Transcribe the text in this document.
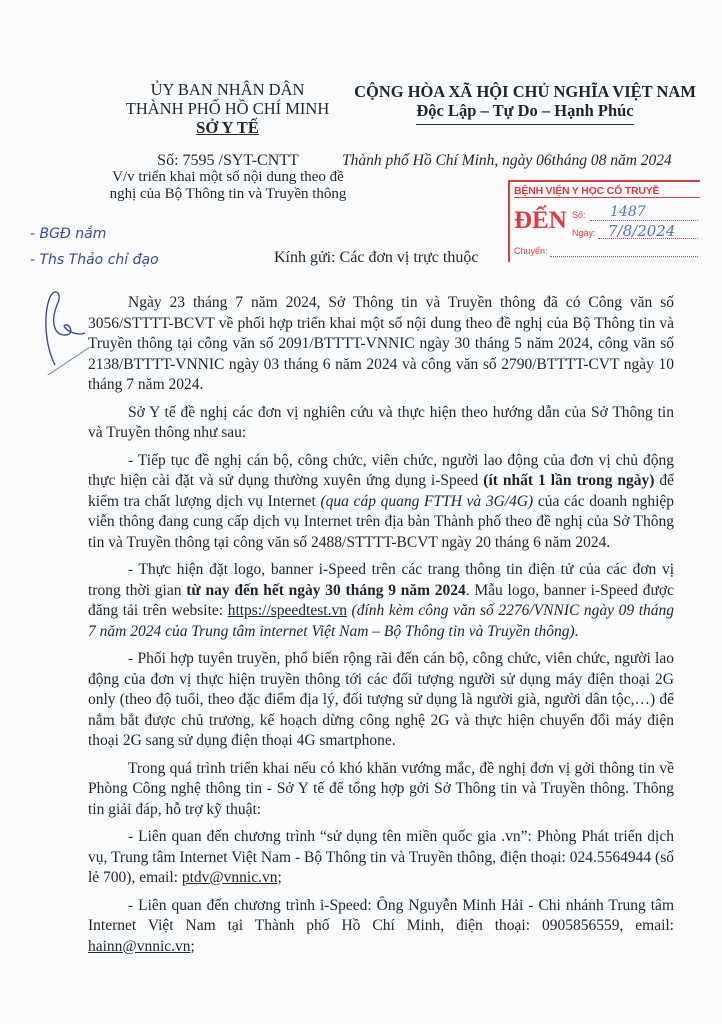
ỦY BAN NHÂN DÂN
THÀNH PHỐ HỒ CHÍ MINH
SỞ Y TẾ
CỘNG HÒA XÃ HỘI CHỦ NGHĨA VIỆT NAM
Độc Lập – Tự Do – Hạnh Phúc
Số: 7595 /SYT-CNTT
V/v triển khai một số nội dung theo đề
nghị của Bộ Thông tin và Truyền thông
Thành phố Hồ Chí Minh, ngày 06tháng 08 năm 2024
BỆNH VIỆN Y HỌC CỔ TRUYỀ
ĐẾN Số: 1487
Ngày: 7/8/2024
Chuyển:
- BGĐ nắm
- Ths Thảo chỉ đạo	Kính gửi: Các đơn vị trực thuộc

Ngày 23 tháng 7 năm 2024, Sở Thông tin và Truyền thông đã có Công văn số 3056/STTTT-BCVT về phối hợp triển khai một số nội dung theo đề nghị của Bộ Thông tin và Truyền thông tại công văn số 2091/BTTTT-VNNIC ngày 30 tháng 5 năm 2024, công văn số 2138/BTTTT-VNNIC ngày 03 tháng 6 năm 2024 và công văn số 2790/BTTTT-CVT ngày 10 tháng 7 năm 2024.

Sở Y tế đề nghị các đơn vị nghiên cứu và thực hiện theo hướng dẫn của Sở Thông tin và Truyền thông như sau:

- Tiếp tục đề nghị cán bộ, công chức, viên chức, người lao động của đơn vị chủ động thực hiện cài đặt và sử dụng thường xuyên ứng dụng i-Speed (ít nhất 1 lần trong ngày) để kiểm tra chất lượng dịch vụ Internet (qua cáp quang FTTH và 3G/4G) của các doanh nghiệp viễn thông đang cung cấp dịch vụ Internet trên địa bàn Thành phố theo đề nghị của Sở Thông tin và Truyền thông tại công văn số 2488/STTTT-BCVT ngày 20 tháng 6 năm 2024.

- Thực hiện đặt logo, banner i-Speed trên các trang thông tin điện tử của các đơn vị trong thời gian từ nay đến hết ngày 30 tháng 9 năm 2024. Mẫu logo, banner i-Speed được đăng tải trên website: https://speedtest.vn (đính kèm công văn số 2276/VNNIC ngày 09 tháng 7 năm 2024 của Trung tâm internet Việt Nam – Bộ Thông tin và Truyền thông).

- Phối hợp tuyên truyền, phổ biến rộng rãi đến cán bộ, công chức, viên chức, người lao động của đơn vị thực hiện truyền thông tới các đối tượng người sử dụng máy điện thoại 2G only (theo độ tuổi, theo đặc điểm địa lý, đối tượng sử dụng là người già, người dân tộc,…) để nắm bắt được chủ trương, kế hoạch dừng công nghệ 2G và thực hiện chuyển đổi máy điện thoại 2G sang sử dụng điện thoại 4G smartphone.

Trong quá trình triển khai nếu có khó khăn vướng mắc, đề nghị đơn vị gởi thông tin về Phòng Công nghệ thông tin - Sở Y tế để tổng hợp gởi Sở Thông tin và Truyền thông. Thông tin giải đáp, hỗ trợ kỹ thuật:

- Liên quan đến chương trình “sử dụng tên miền quốc gia .vn”: Phòng Phát triển dịch vụ, Trung tâm Internet Việt Nam - Bộ Thông tin và Truyền thông, điện thoại: 024.5564944 (số lẻ 700), email: ptdv@vnnic.vn;

- Liên quan đến chương trình i-Speed: Ông Nguyễn Minh Hải - Chi nhánh Trung tâm Internet Việt Nam tại Thành phố Hồ Chí Minh, điện thoại: 0905856559, email: hainn@vnnic.vn;
